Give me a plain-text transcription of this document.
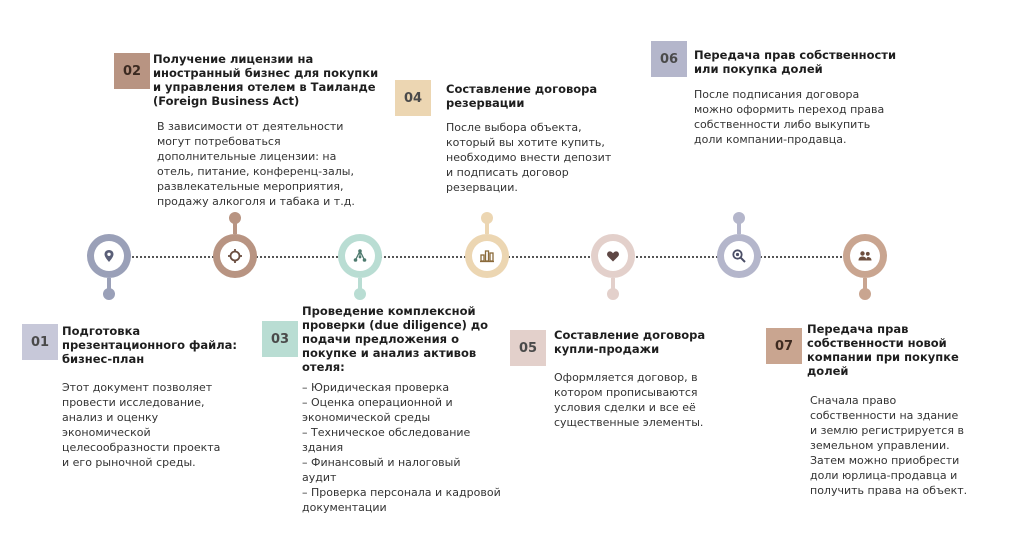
01
Подготовка
презентационного файла:
бизнес-план
Этот документ позволяет
провести исследование,
анализ и оценку
экономической
целесообразности проекта
и его рыночной среды.
02
Получение лицензии на
иностранный бизнес для покупки
и управления отелем в Таиланде
(Foreign Business Act)
В зависимости от деятельности
могут потребоваться
дополнительные лицензии: на
отель, питание, конференц-залы,
развлекательные мероприятия,
продажу алкоголя и табака и т.д.
03
Проведение комплексной
проверки (due diligence) до
подачи предложения о
покупке и анализ активов
отеля:
– Юридическая проверка
– Оценка операционной и
экономической среды
– Техническое обследование
здания
– Финансовый и налоговый
аудит
– Проверка персонала и кадровой
документации
04
Составление договора
резервации
После выбора объекта,
который вы хотите купить,
необходимо внести депозит
и подписать договор
резервации.
05
Составление договора
купли-продажи
Оформляется договор, в
котором прописываются
условия сделки и все её
существенные элементы.
06	Передача прав собственности
или покупка долей
После подписания договора
можно оформить переход права
собственности либо выкупить
доли компании-продавца.
07
Передача прав
собственности новой
компании при покупке
долей
Сначала право
собственности на здание
и землю регистрируется в
земельном управлении.
Затем можно приобрести
доли юрлица-продавца и
получить права на объект.
